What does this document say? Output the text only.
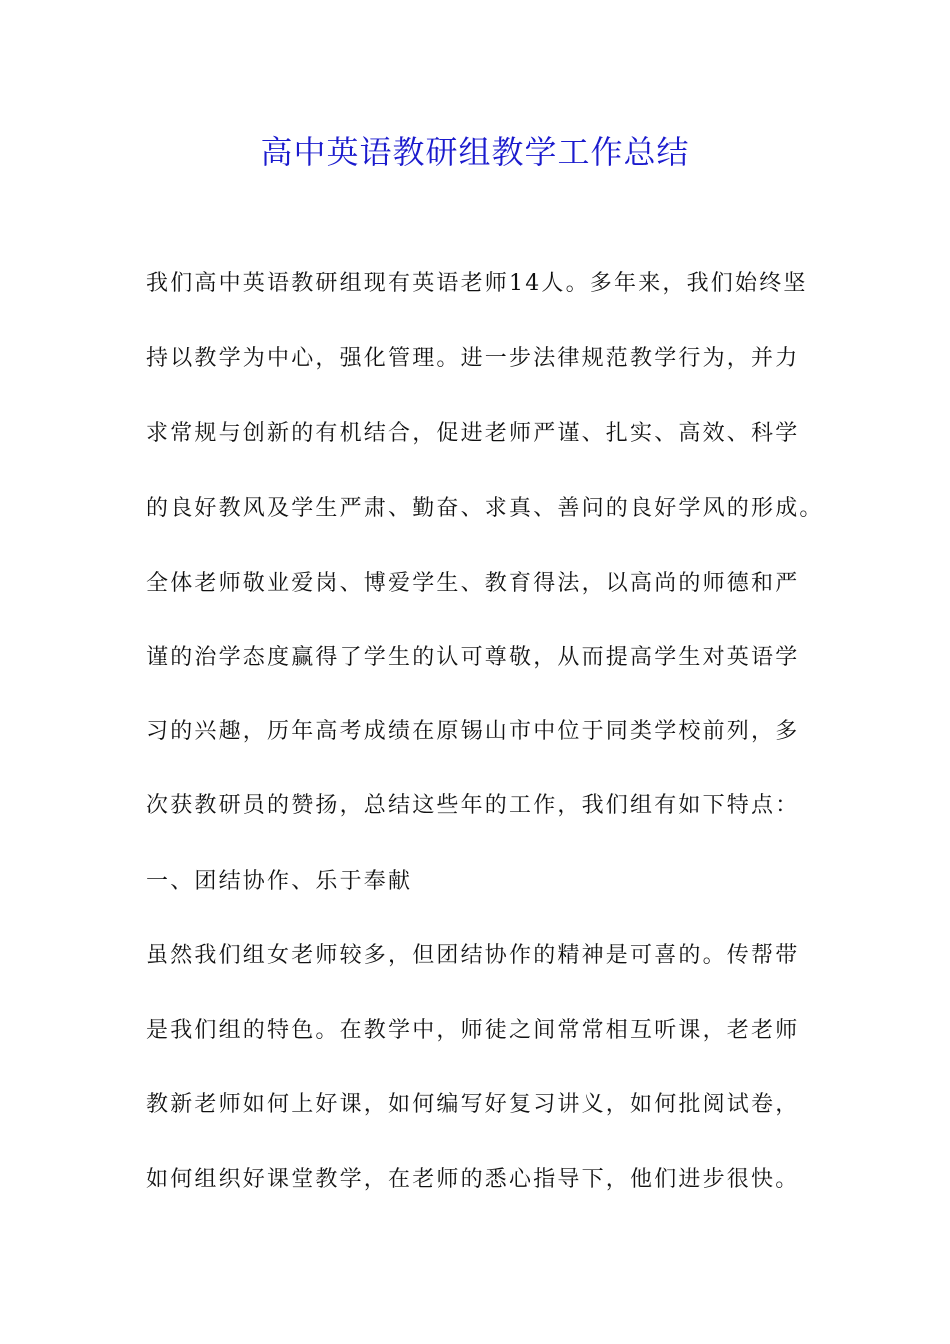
高中英语教研组教学工作总结
我们高中英语教研组现有英语老师14人。多年来，我们始终坚
持以教学为中心，强化管理。进一步法律规范教学行为，并力
求常规与创新的有机结合，促进老师严谨、扎实、高效、科学
的良好教风及学生严肃、勤奋、求真、善问的良好学风的形成。
全体老师敬业爱岗、博爱学生、教育得法，以高尚的师德和严
谨的治学态度赢得了学生的认可尊敬，从而提高学生对英语学
习的兴趣，历年高考成绩在原锡山市中位于同类学校前列，多
次获教研员的赞扬，总结这些年的工作，我们组有如下特点：
一、团结协作、乐于奉献
虽然我们组女老师较多，但团结协作的精神是可喜的。传帮带
是我们组的特色。在教学中，师徒之间常常相互听课，老老师
教新老师如何上好课，如何编写好复习讲义，如何批阅试卷，
如何组织好课堂教学，在老师的悉心指导下，他们进步很快。
